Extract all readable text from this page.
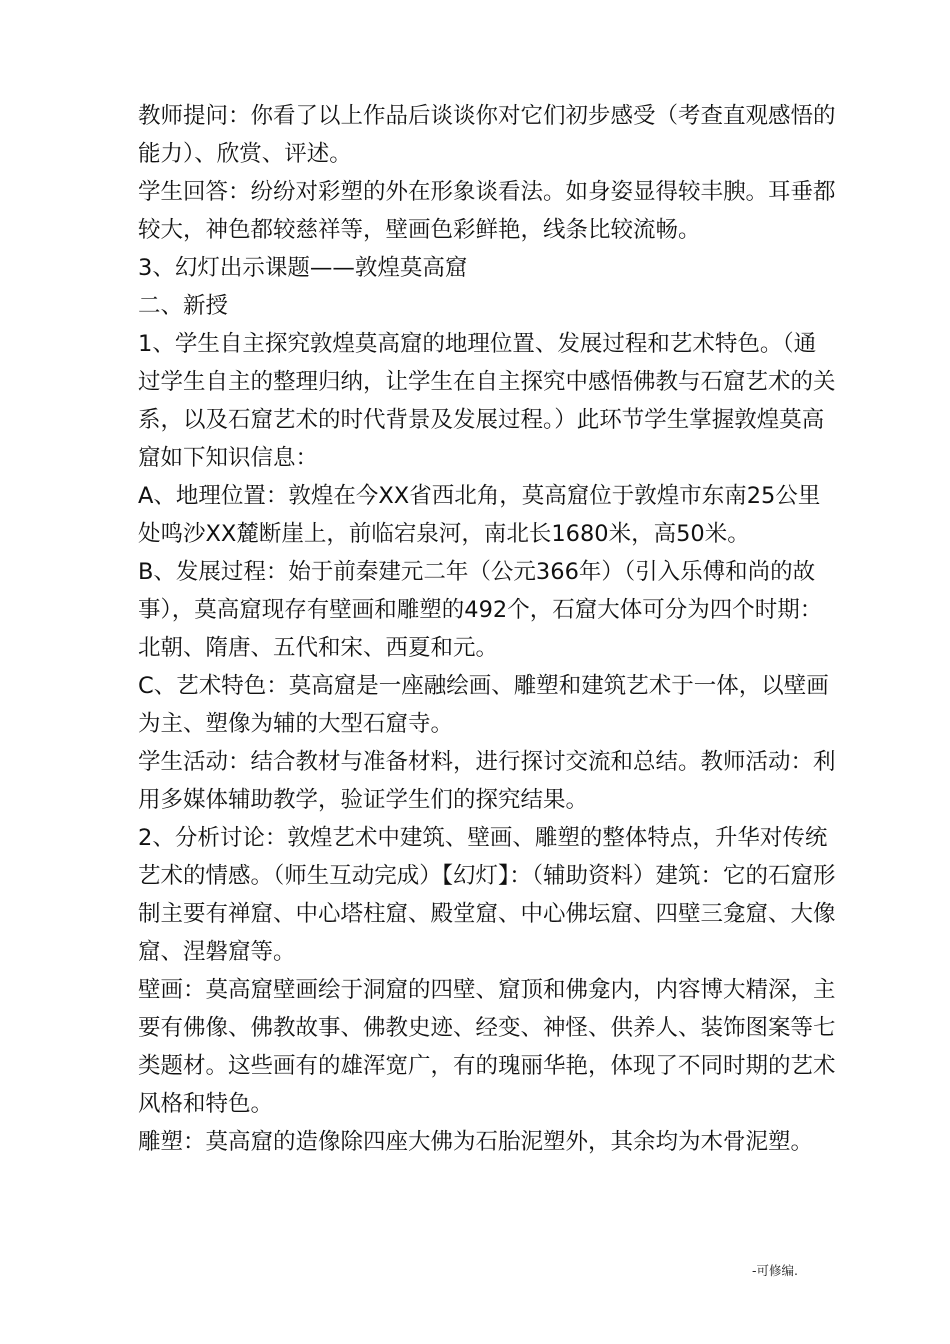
教师提问：你看了以上作品后谈谈你对它们初步感受（考查直观感悟的能力）、欣赏、评述。

学生回答：纷纷对彩塑的外在形象谈看法。如身姿显得较丰腴。耳垂都较大，神色都较慈祥等，壁画色彩鲜艳，线条比较流畅。

3、幻灯出示课题——敦煌莫高窟

二、新授

1、学生自主探究敦煌莫高窟的地理位置、发展过程和艺术特色。（通过学生自主的整理归纳，让学生在自主探究中感悟佛教与石窟艺术的关系，以及石窟艺术的时代背景及发展过程。）此环节学生掌握敦煌莫高窟如下知识信息：

A、地理位置：敦煌在今XX省西北角，莫高窟位于敦煌市东南25公里处鸣沙XX麓断崖上，前临宕泉河，南北长1680米，高50米。

B、发展过程：始于前秦建元二年（公元366年）（引入乐傅和尚的故事），莫高窟现存有壁画和雕塑的492个，石窟大体可分为四个时期：北朝、隋唐、五代和宋、西夏和元。

C、艺术特色：莫高窟是一座融绘画、雕塑和建筑艺术于一体，以壁画为主、塑像为辅的大型石窟寺。

学生活动：结合教材与准备材料，进行探讨交流和总结。教师活动：利用多媒体辅助教学，验证学生们的探究结果。

2、分析讨论：敦煌艺术中建筑、壁画、雕塑的整体特点，升华对传统艺术的情感。（师生互动完成）【幻灯】：（辅助资料）建筑：它的石窟形制主要有禅窟、中心塔柱窟、殿堂窟、中心佛坛窟、四壁三龛窟、大像窟、涅磐窟等。

壁画：莫高窟壁画绘于洞窟的四壁、窟顶和佛龛内，内容博大精深，主要有佛像、佛教故事、佛教史迹、经变、神怪、供养人、装饰图案等七类题材。这些画有的雄浑宽广，有的瑰丽华艳，体现了不同时期的艺术风格和特色。

雕塑：莫高窟的造像除四座大佛为石胎泥塑外，其余均为木骨泥塑。

-可修编.
